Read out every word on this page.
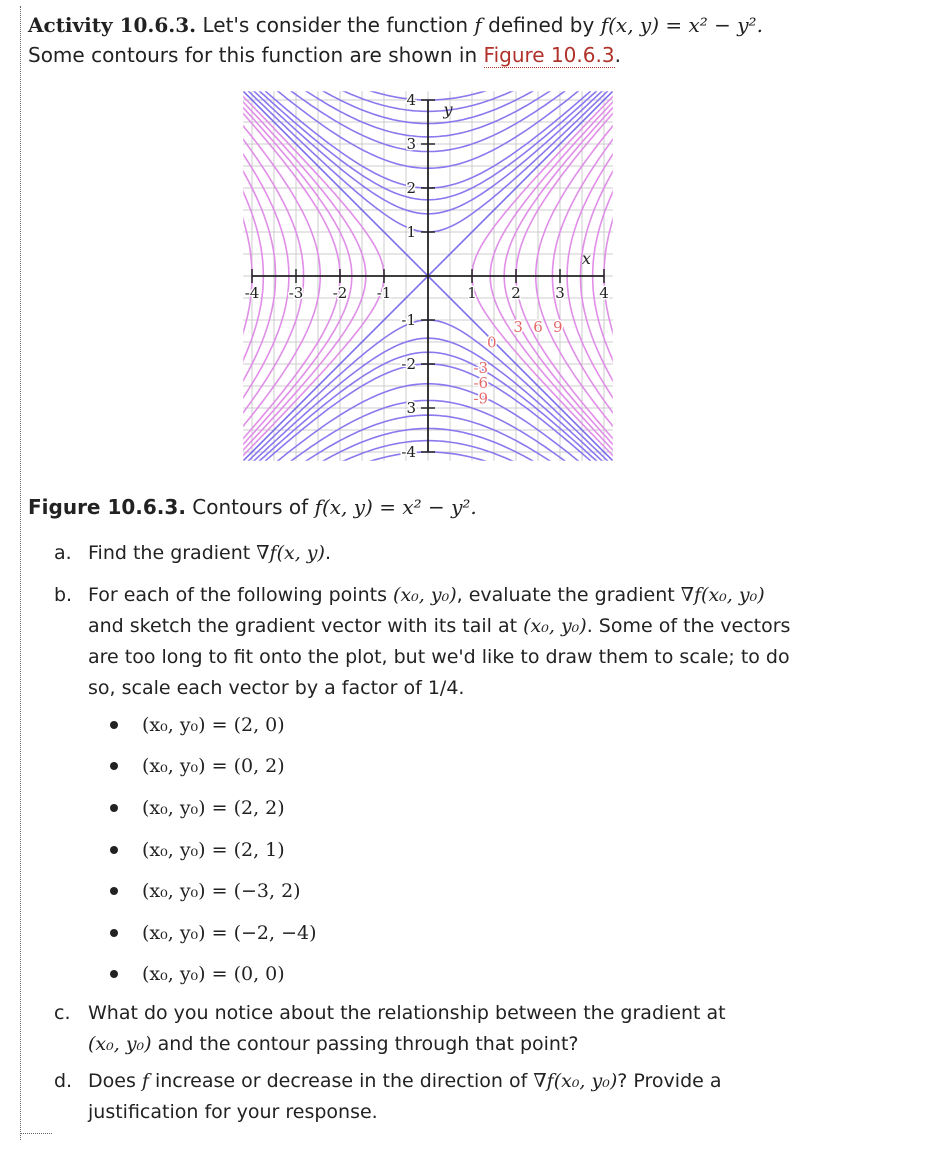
Activity 10.6.3. Let's consider the function f defined by f(x, y) = x² − y².
Some contours for this function are shown in Figure 10.6.3.
-4 -3 -2 -1	1 2 3 4
4
3
2
1
-1
-2
3
-4
x
y
0
3 6 9
-3
-6
-9
Figure 10.6.3. Contours of f(x, y) = x² − y².
a. Find the gradient ∇f(x, y).
b. For each of the following points (x₀, y₀), evaluate the gradient ∇f(x₀, y₀)
and sketch the gradient vector with its tail at (x₀, y₀). Some of the vectors
are too long to fit onto the plot, but we'd like to draw them to scale; to do
so, scale each vector by a factor of 1/4.
(x₀, y₀) = (2, 0)
(x₀, y₀) = (0, 2)
(x₀, y₀) = (2, 2)
(x₀, y₀) = (2, 1)
(x₀, y₀) = (−3, 2)
(x₀, y₀) = (−2, −4)
(x₀, y₀) = (0, 0)
c. What do you notice about the relationship between the gradient at
(x₀, y₀) and the contour passing through that point?
d. Does f increase or decrease in the direction of ∇f(x₀, y₀)? Provide a
justification for your response.
